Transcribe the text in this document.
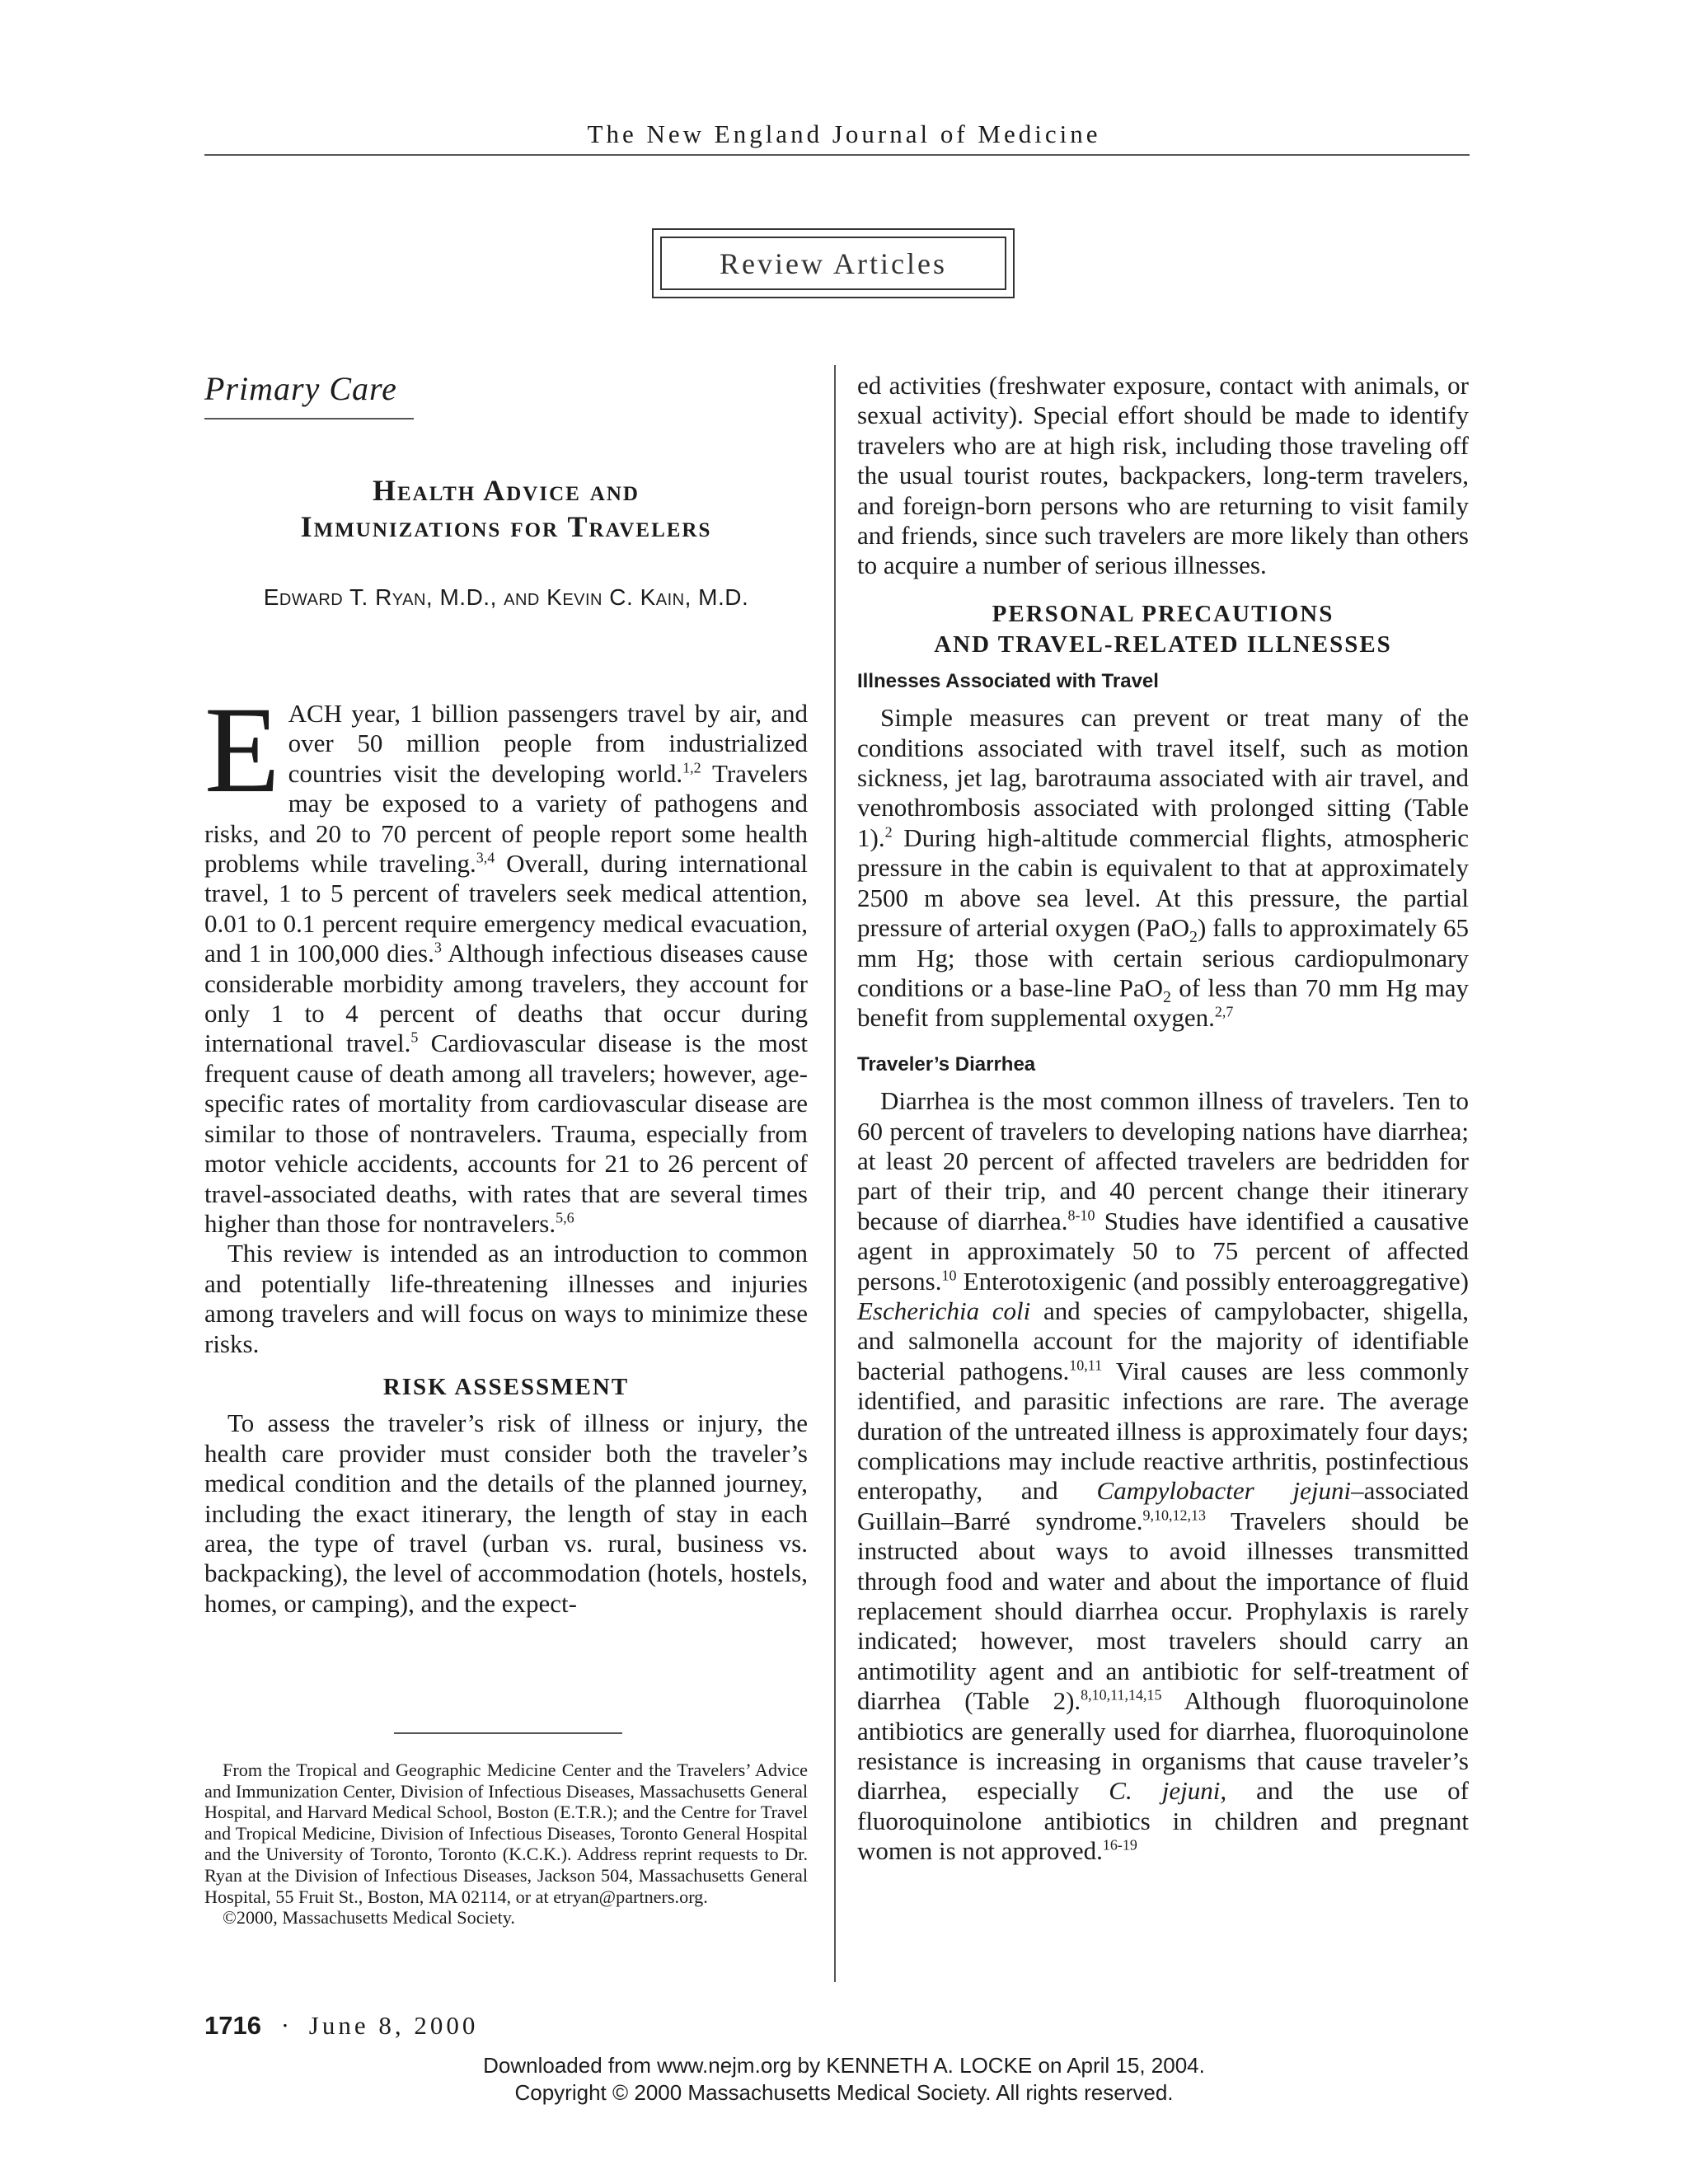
The New England Journal of Medicine
Review Articles
Primary Care
Health Advice and
Immunizations for Travelers
Edward T. Ryan, M.D., and Kevin C. Kain, M.D.

EACH year, 1 billion passengers travel by air, and over 50 million people from industrialized countries visit the developing world.$^{1,2}$ Travelers may be exposed to a variety of pathogens and risks, and 20 to 70 percent of people report some health problems while traveling.$^{3,4}$ Overall, during international travel, 1 to 5 percent of travelers seek medical attention, 0.01 to 0.1 percent require emergency medical evacuation, and 1 in 100,000 dies.$^3$ Although infectious diseases cause considerable morbidity among travelers, they account for only 1 to 4 percent of deaths that occur during international travel.$^5$ Cardiovascular disease is the most frequent cause of death among all travelers; however, age-specific rates of mortality from cardiovascular disease are similar to those of nontravelers. Trauma, especially from motor vehicle accidents, accounts for 21 to 26 percent of travel-associated deaths, with rates that are several times higher than those for nontravelers.$^{5,6}$

This review is intended as an introduction to common and potentially life-threatening illnesses and injuries among travelers and will focus on ways to minimize these risks.

RISK ASSESSMENT

To assess the traveler’s risk of illness or injury, the health care provider must consider both the traveler’s medical condition and the details of the planned journey, including the exact itinerary, the length of stay in each area, the type of travel (urban vs. rural, business vs. backpacking), the level of accommodation (hotels, hostels, homes, or camping), and the expect-

From the Tropical and Geographic Medicine Center and the Travelers’ Advice and Immunization Center, Division of Infectious Diseases, Massachusetts General Hospital, and Harvard Medical School, Boston (E.T.R.); and the Centre for Travel and Tropical Medicine, Division of Infectious Diseases, Toronto General Hospital and the University of Toronto, Toronto (K.C.K.). Address reprint requests to Dr. Ryan at the Division of Infectious Diseases, Jackson 504, Massachusetts General Hospital, 55 Fruit St., Boston, MA 02114, or at etryan@partners.org.

©2000, Massachusetts Medical Society.

ed activities (freshwater exposure, contact with animals, or sexual activity). Special effort should be made to identify travelers who are at high risk, including those traveling off the usual tourist routes, backpackers, long-term travelers, and foreign-born persons who are returning to visit family and friends, since such travelers are more likely than others to acquire a number of serious illnesses.

PERSONAL PRECAUTIONS
AND TRAVEL-RELATED ILLNESSES
Illnesses Associated with Travel

Simple measures can prevent or treat many of the conditions associated with travel itself, such as motion sickness, jet lag, barotrauma associated with air travel, and venothrombosis associated with prolonged sitting (Table 1).$^2$ During high-altitude commercial flights, atmospheric pressure in the cabin is equivalent to that at approximately 2500 m above sea level. At this pressure, the partial pressure of arterial oxygen (PaO$_2$) falls to approximately 65 mm Hg; those with certain serious cardiopulmonary conditions or a base-line PaO$_2$ of less than 70 mm Hg may benefit from supplemental oxygen.$^{2,7}$

Traveler’s Diarrhea

Diarrhea is the most common illness of travelers. Ten to 60 percent of travelers to developing nations have diarrhea; at least 20 percent of affected travelers are bedridden for part of their trip, and 40 percent change their itinerary because of diarrhea.$^{8-10}$ Studies have identified a causative agent in approximately 50 to 75 percent of affected persons.$^{10}$ Enterotoxigenic (and possibly enteroaggregative) Escherichia coli and species of campylobacter, shigella, and salmonella account for the majority of identifiable bacterial pathogens.$^{10,11}$ Viral causes are less commonly identified, and parasitic infections are rare. The average duration of the untreated illness is approximately four days; complications may include reactive arthritis, postinfectious enteropathy, and Campylobacter jejuni–associated Guillain–Barré syndrome.$^{9,10,12,13}$ Travelers should be instructed about ways to avoid illnesses transmitted through food and water and about the importance of fluid replacement should diarrhea occur. Prophylaxis is rarely indicated; however, most travelers should carry an antimotility agent and an antibiotic for self-treatment of diarrhea (Table 2).$^{8,10,11,14,15}$ Although fluoroquinolone antibiotics are generally used for diarrhea, fluoroquinolone resistance is increasing in organisms that cause traveler’s diarrhea, especially C. jejuni, and the use of fluoroquinolone antibiotics in children and pregnant women is not approved.$^{16-19}$

1716 · June 8, 2000
Downloaded from www.nejm.org by KENNETH A. LOCKE on April 15, 2004.
Copyright © 2000 Massachusetts Medical Society. All rights reserved.
